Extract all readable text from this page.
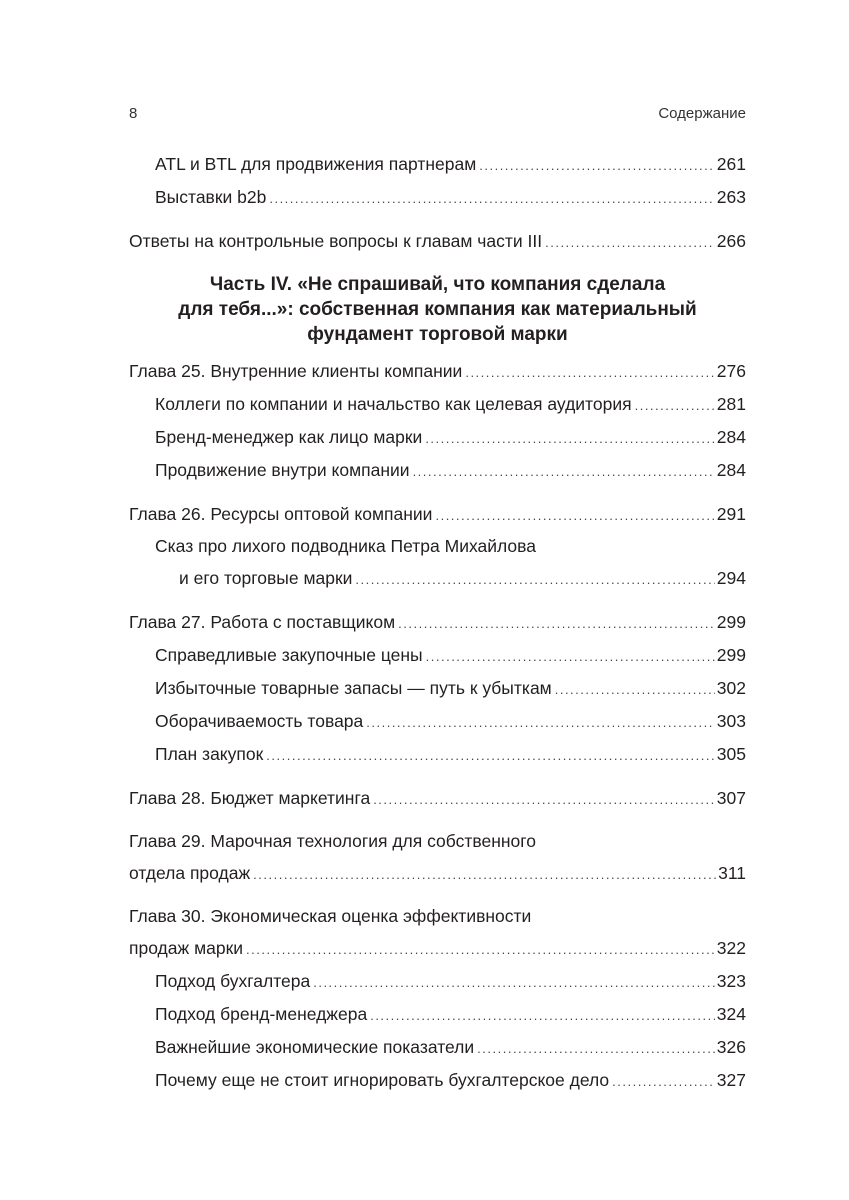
8	Содержание
ATL и BTL для продвижения партнерам .....	261
Выставки b2b .....	263
Ответы на контрольные вопросы к главам части III .....	266
Часть IV. «Не спрашивай, что компания сделала
для тебя...»: собственная компания как материальный
фундамент торговой марки
Глава 25. Внутренние клиенты компании .....	276
Коллеги по компании и начальство как целевая аудитория .....	281
Бренд-менеджер как лицо марки .....	284
Продвижение внутри компании .....	284
Глава 26. Ресурсы оптовой компании .....	291
Сказ про лихого подводника Петра Михайлова
и его торговые марки .....	294
Глава 27. Работа с поставщиком .....	299
Справедливые закупочные цены .....	299
Избыточные товарные запасы — путь к убыткам .....	302
Оборачиваемость товара .....	303
План закупок .....	305
Глава 28. Бюджет маркетинга .....	307
Глава 29. Марочная технология для собственного
отдела продаж .....	311
Глава 30. Экономическая оценка эффективности
продаж марки .....	322
Подход бухгалтера .....	323
Подход бренд-менеджера .....	324
Важнейшие экономические показатели .....	326
Почему еще не стоит игнорировать бухгалтерское дело .....	327
